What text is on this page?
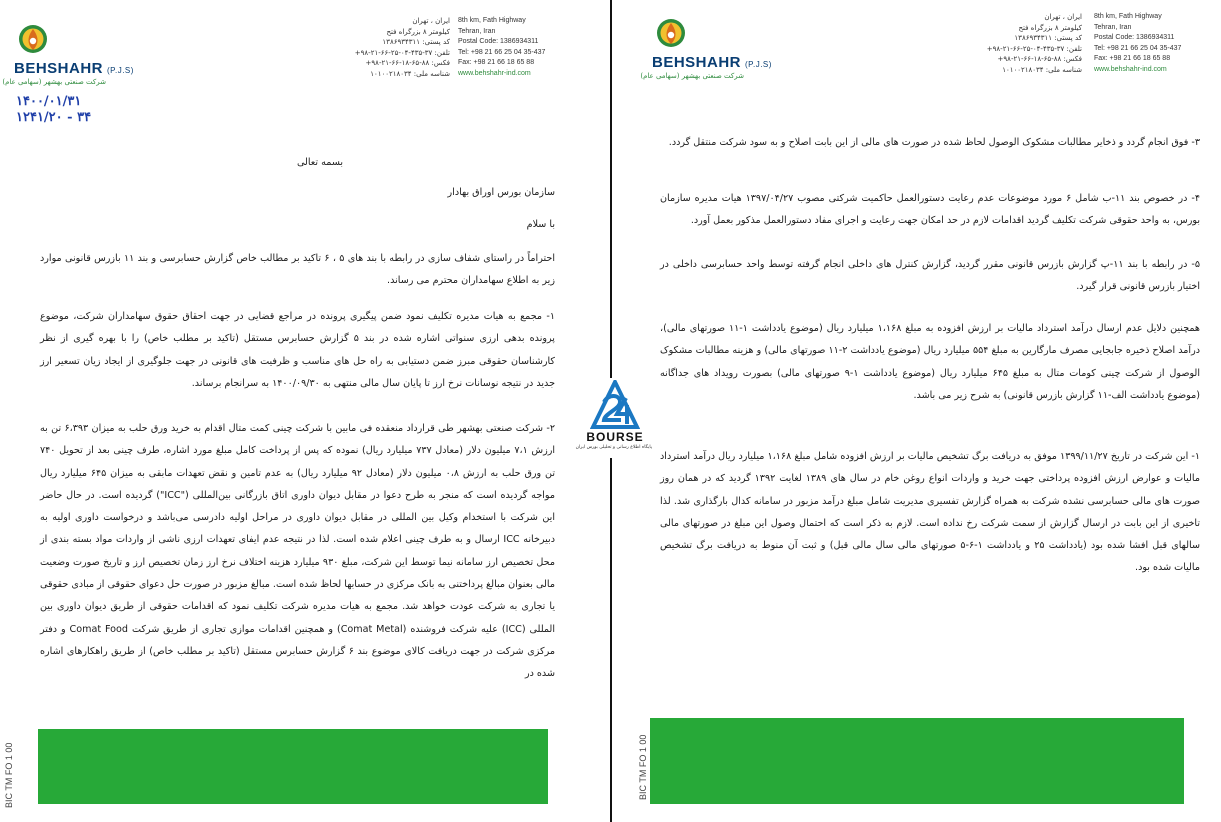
BEHSHAHR (P.J.S)
شرکت صنعتی بهشهر (سهامی عام)
ایران ، تهران
کیلومتر ۸ بزرگراه فتح
کد پستی: ۱۳۸۶۹۳۴۳۱۱
تلفن: ۳۷-۴۳۵-۰۴-۲۵-۶۶-۲۱-۹۸+
فکس: ۸۸-۶۵-۱۸-۶۶-۲۱-۹۸+
شناسه ملی: ۱۰۱۰۰۲۱۸۰۳۴
8th km, Fath Highway
Tehran, Iran
Postal Code: 1386934311
Tel: +98 21 66 25 04 35-437
Fax: +98 21 66 18 65 88
www.behshahr-ind.com
۱۴۰۰/۰۱/۳۱
۱۲۴۱/۲۰ - ۳۴
بسمه تعالی
سازمان بورس اوراق بهادار
با سلام

احتراماً در راستای شفاف سازی در رابطه با بند های ۵ ، ۶ تاکید بر مطالب خاص گزارش حسابرسی و بند ۱۱ بازرس قانونی موارد زیر به اطلاع سهامداران محترم می رساند.

۱- مجمع به هیات مدیره تکلیف نمود ضمن پیگیری پرونده در مراجع قضایی در جهت احقاق حقوق سهامداران شرکت، موضوع پرونده بدهی ارزی سنواتی اشاره شده در بند ۵ گزارش حسابرس مستقل (تاکید بر مطلب خاص) را با بهره گیری از نظر کارشناسان حقوقی مبرز ضمن دستیابی به راه حل های مناسب و ظرفیت های قانونی در جهت جلوگیری از ایجاد زیان تسعیر ارز جدید در نتیجه نوسانات نرخ ارز تا پایان سال مالی منتهی به ۱۴۰۰/۰۹/۳۰ به سرانجام برساند.

۲- شرکت صنعتی بهشهر طی قرارداد منعقده فی مابین با شرکت چینی کمت متال اقدام به خرید ورق حلب به میزان ۶،۳۹۳ تن به ارزش ۷،۱ میلیون دلار (معادل ۷۳۷ میلیارد ریال) نموده که پس از پرداخت کامل مبلغ مورد اشاره، طرف چینی بعد از تحویل ۷۴۰ تن ورق حلب به ارزش ۰،۸ میلیون دلار (معادل ۹۲ میلیارد ریال) به عدم تامین و نقض تعهدات مابقی به میزان ۶۴۵ میلیارد ریال مواجه گردیده است که منجر به طرح دعوا در مقابل دیوان داوری اتاق بازرگانی بین‌المللی ("ICC") گردیده است. در حال حاضر این شرکت با استخدام وکیل بین المللی در مقابل دیوان داوری در مراحل اولیه دادرسی می‌باشد و درخواست داوری اولیه به دبیرخانه ICC ارسال و به طرف چینی اعلام شده است. لذا در نتیجه عدم ایفای تعهدات ارزی ناشی از واردات مواد بسته بندی از محل تخصیص ارز سامانه نیما توسط این شرکت، مبلغ ۹۳۰ میلیارد هزینه اختلاف نرخ ارز زمان تخصیص ارز و تاریخ صورت وضعیت مالی بعنوان مبالغ پرداختنی به بانک مرکزی در حسابها لحاظ شده است. مبالغ مزبور در صورت حل دعوای حقوقی از مبادی حقوقی یا تجاری به شرکت عودت خواهد شد. مجمع به هیات مدیره شرکت تکلیف نمود که اقدامات حقوقی از طریق دیوان داوری بین المللی (ICC) علیه شرکت فروشنده (Comat Metal) و همچنین اقدامات موازی تجاری از طریق شرکت Comat Food و دفتر مرکزی شرکت در جهت دریافت کالای موضوع بند ۶ گزارش حسابرس مستقل (تاکید بر مطلب خاص) از طریق راهکارهای اشاره شده در

BIC TM FO 1 00
BEHSHAHR (P.J.S)
شرکت صنعتی بهشهر (سهامی عام)
ایران ، تهران
کیلومتر ۸ بزرگراه فتح
کد پستی: ۱۳۸۶۹۳۴۳۱۱
تلفن: ۳۷-۴۳۵-۰۴-۲۵-۶۶-۲۱-۹۸+
فکس: ۸۸-۶۵-۱۸-۶۶-۲۱-۹۸+
شناسه ملی: ۱۰۱۰۰۲۱۸۰۳۴
8th km, Fath Highway
Tehran, Iran
Postal Code: 1386934311
Tel: +98 21 66 25 04 35-437
Fax: +98 21 66 18 65 88
www.behshahr-ind.com

۳- فوق انجام گردد و ذخایر مطالبات مشکوک الوصول لحاظ شده در صورت های مالی از این بابت اصلاح و به سود شرکت منتقل گردد.

۴- در خصوص بند ۱۱-ب شامل ۶ مورد موضوعات عدم رعایت دستورالعمل حاکمیت شرکتی مصوب ۱۳۹۷/۰۴/۲۷ هیات مدیره سازمان بورس، به واحد حقوقی شرکت تکلیف گردید اقدامات لازم در حد امکان جهت رعایت و اجرای مفاد دستورالعمل مذکور بعمل آورد.

۵- در رابطه با بند ۱۱-پ گزارش بازرس قانونی مقرر گردید، گزارش کنترل های داخلی انجام گرفته توسط واحد حسابرسی داخلی در اختیار بازرس قانونی قرار گیرد.

همچنین دلایل عدم ارسال درآمد استرداد مالیات بر ارزش افزوده به مبلغ ۱،۱۶۸ میلیارد ریال (موضوع یادداشت ۱-۱۱ صورتهای مالی)، درآمد اصلاح ذخیره جابجایی مصرف مارگارین به مبلغ ۵۵۴ میلیارد ریال (موضوع یادداشت ۲-۱۱ صورتهای مالی) و هزینه مطالبات مشکوک الوصول از شرکت چینی کومات متال به مبلغ ۶۴۵ میلیارد ریال (موضوع یادداشت ۱-۹ صورتهای مالی) بصورت رویداد های جداگانه (موضوع یادداشت الف-۱۱ گزارش بازرس قانونی) به شرح زیر می باشد.

۱- این شرکت در تاریخ ۱۳۹۹/۱۱/۲۷ موفق به دریافت برگ تشخیص مالیات بر ارزش افزوده شامل مبلغ ۱،۱۶۸ میلیارد ریال درآمد استرداد مالیات و عوارض ارزش افزوده پرداختی جهت خرید و واردات انواع روغن خام در سال های ۱۳۸۹ لغایت ۱۳۹۲ گردید که در همان روز صورت های مالی حسابرسی نشده شرکت به همراه گزارش تفسیری مدیریت شامل مبلغ درآمد مزبور در سامانه کدال بارگذاری شد. لذا تاخیری از این بابت در ارسال گزارش از سمت شرکت رخ نداده است. لازم به ذکر است که احتمال وصول این مبلغ در صورتهای مالی سالهای قبل افشا شده بود (یادداشت ۲۵ و یادداشت ۱-۶-۵ صورتهای مالی سال مالی قبل) و ثبت آن منوط به دریافت برگ تشخیص مالیات شده بود.

BIC TM FO 1 00
BOURSE
پایگاه اطلاع رسانی و تحلیلی بورس ایران
